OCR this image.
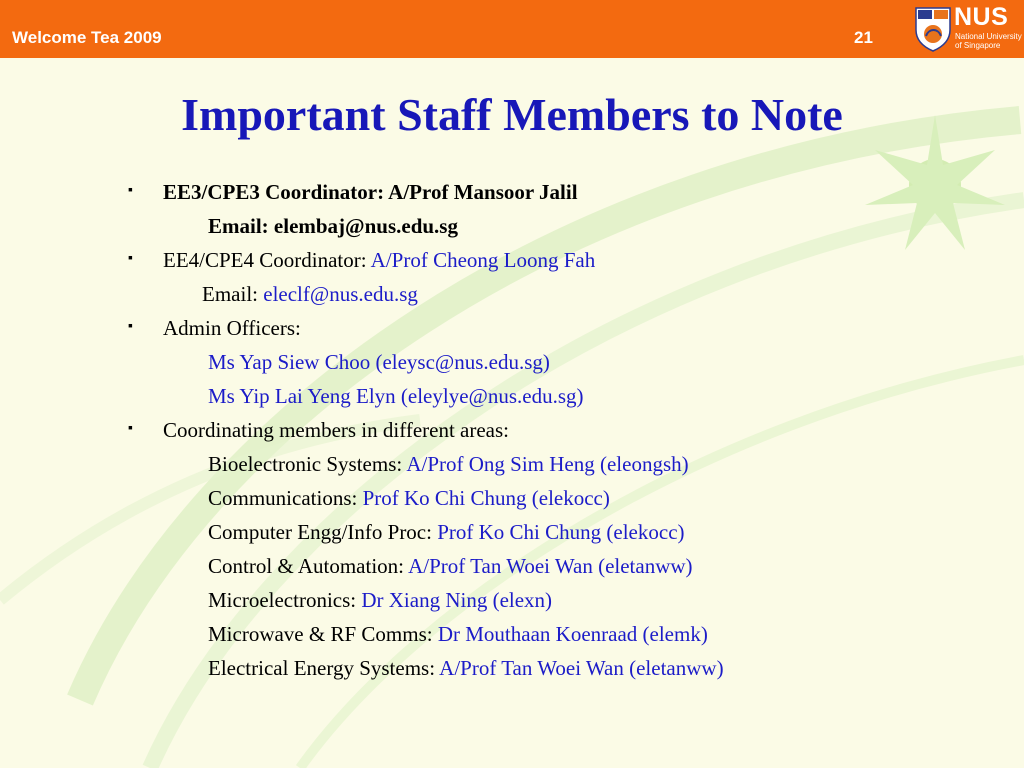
Welcome Tea 2009	21
NUS
National University of Singapore
Important Staff Members to Note
EE3/CPE3 Coordinator: A/Prof Mansoor Jalil
▪
Email: elembaj@nus.edu.sg
▪ EE4/CPE4 Coordinator: A/Prof Cheong Loong Fah
Email: eleclf@nus.edu.sg
▪ Admin Officers:
Ms Yap Siew Choo (eleysc@nus.edu.sg)
Ms Yip Lai Yeng Elyn (eleylye@nus.edu.sg)
▪ Coordinating members in different areas:
Bioelectronic Systems: A/Prof Ong Sim Heng (eleongsh)
Communications: Prof Ko Chi Chung (elekocc)
Computer Engg/Info Proc: Prof Ko Chi Chung (elekocc)
Control & Automation: A/Prof Tan Woei Wan (eletanww)
Microelectronics: Dr Xiang Ning (elexn)
Microwave & RF Comms: Dr Mouthaan Koenraad (elemk)
Electrical Energy Systems: A/Prof Tan Woei Wan (eletanww)
